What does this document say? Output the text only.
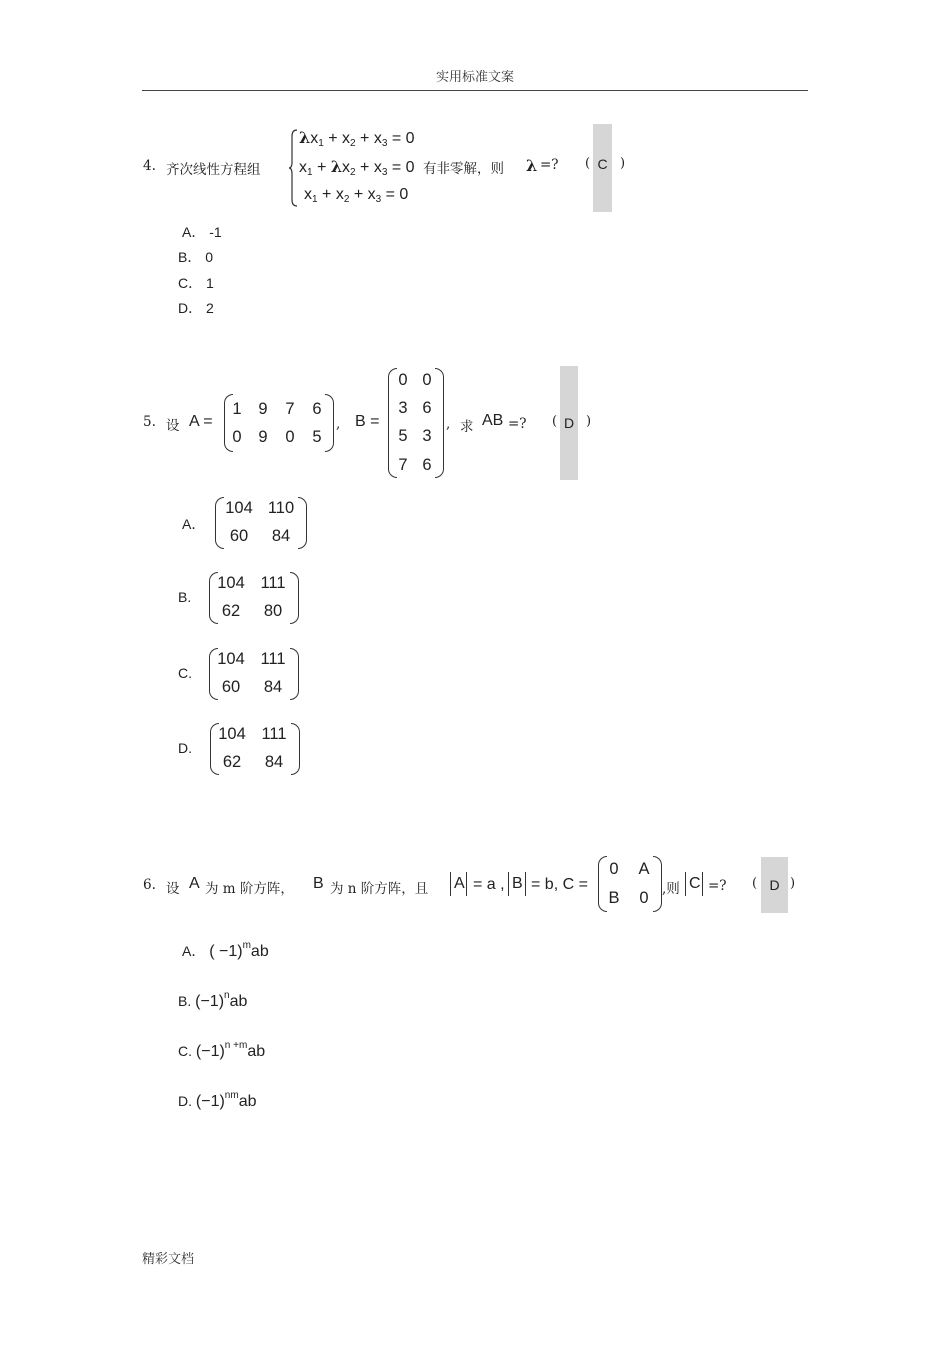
实用标准文案
4. 齐次线性方程组
$\lambda x_1 + x_2 + x_3 = 0$
$x_1 + \lambda x_2 + x_3 = 0$
$x_1 + x_2 + x_3 = 0$
有非零解，则 λ =? ( C )
A． -1
B． 0
C． 1
D． 2
5. 设 A =
1	9	7	6
0	9	0	5
, B =
0 0
3 6
5 3
7 6
, 求 AB =? ( D )
A．
104 110
60	84
B.
104 111
62	80
C.
104 111
60	84
D.
104 111
62	84
6. 设 A 为 m 阶方阵， B 为 n 阶方阵，且 A = a , B = b, C =
0	A
B	0 ,则 C =? ( D )
A． ( −1)$^m$ab
B. $(-1)^nab$
C. $(-1)^{n +m}ab$
D. $(-1)^{nm}ab$
精彩文档
